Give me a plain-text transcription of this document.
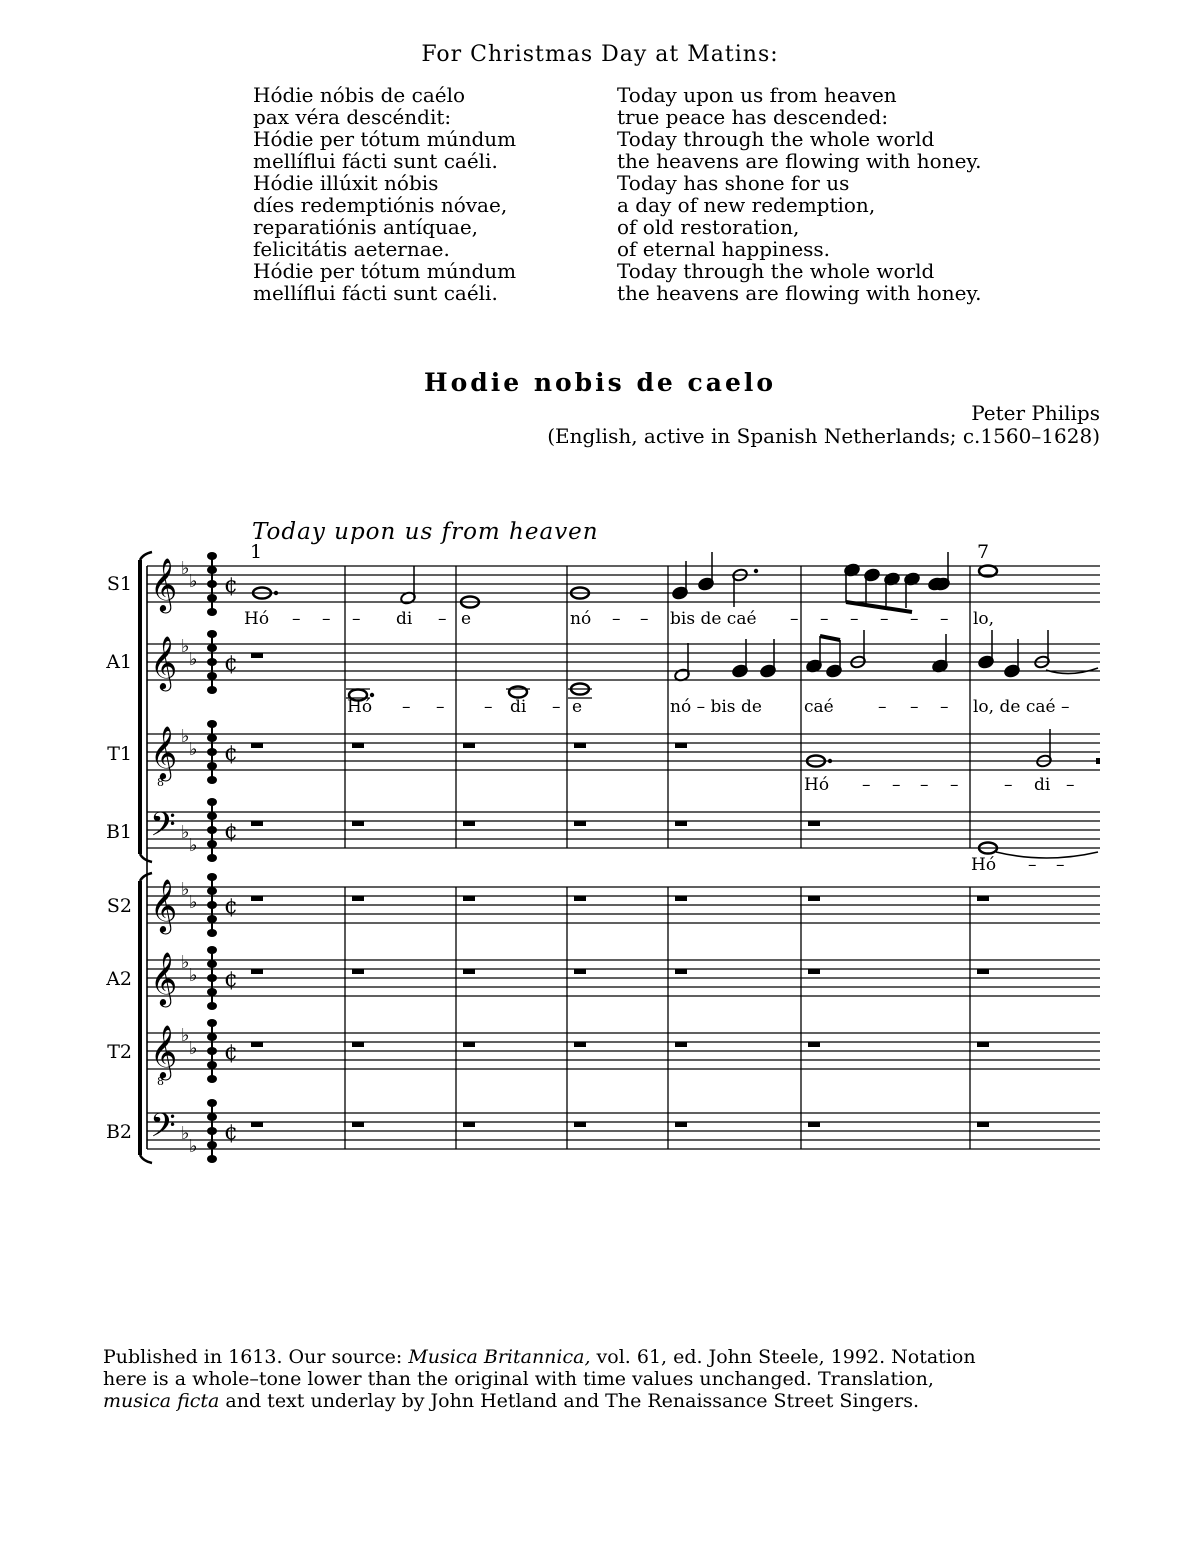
For Christmas Day at Matins:
Hódie nóbis de caélo
pax véra descéndit:
Hódie per tótum múndum
mellíflui fácti sunt caéli.
Hódie illúxit nóbis
díes redemptiónis nóvae,
reparatiónis antíquae,
felicitátis aeternae.
Hódie per tótum múndum
mellíflui fácti sunt caéli.
Today upon us from heaven
true peace has descended:
Today through the whole world
the heavens are flowing with honey.
Today has shone for us
a day of new redemption,
of old restoration,
of eternal happiness.
Today through the whole world
the heavens are flowing with honey.
Hodie nobis de caelo
Peter Philips
(English, active in Spanish Netherlands; c.1560–1628)
Today upon us from heaven
1	7
𝄞 ♭
♭ ¢
𝄞 ♭
♭ ¢
𝄞
8
♭
♭ ¢
𝄢 ♭
♭
¢
𝄞 ♭
♭ ¢
𝄞 ♭
♭ ¢
𝄞
8
♭
♭ ¢
𝄢 ♭
♭
¢
S1
A1
T1
B1
S2
A2
T2
B2
Hó – – – di – e	nó – – bis de caé – – – – – – lo,
Hó – – – di – e	nó – bis de caé	– – – lo, de caé –
Hó – – – –	– di –
Hó – –
Published in 1613. Our source: Musica Britannica, vol. 61, ed. John Steele, 1992. Notation
here is a whole–tone lower than the original with time values unchanged. Translation,
musica ficta and text underlay by John Hetland and The Renaissance Street Singers.
